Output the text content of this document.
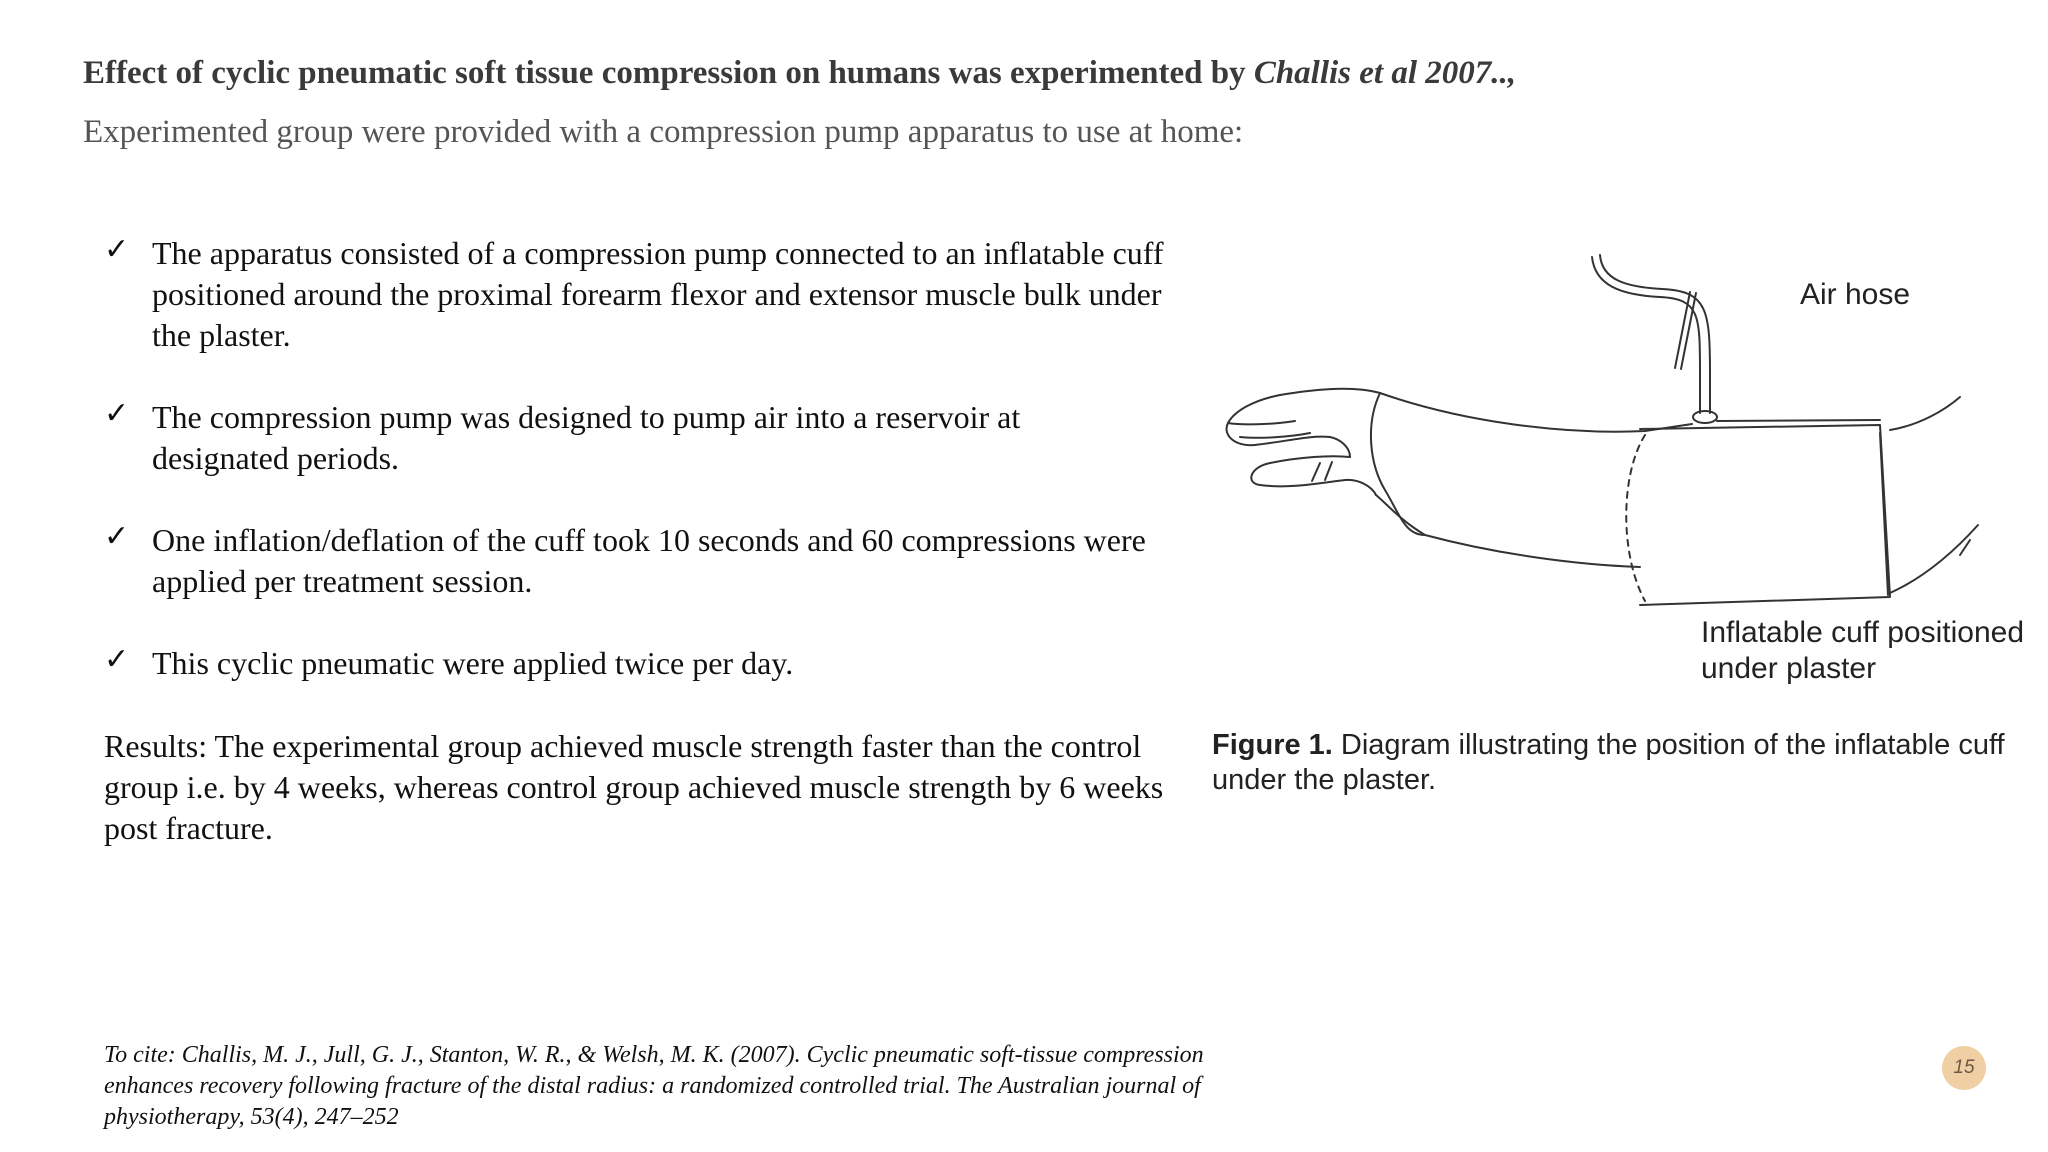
Effect of cyclic pneumatic soft tissue compression on humans was experimented by Challis et al 2007..,
Experimented group were provided with a compression pump apparatus to use at home:
✓ The apparatus consisted of a compression pump connected to an inflatable cuff positioned around the proximal forearm flexor and extensor muscle bulk under the plaster.
✓ The compression pump was designed to pump air into a reservoir at designated periods.
✓ One inflation/deflation of the cuff took 10 seconds and 60 compressions were applied per treatment session.
✓ This cyclic pneumatic were applied twice per day.
Results: The experimental group achieved muscle strength faster than the control group i.e. by 4 weeks, whereas control group achieved muscle strength by 6 weeks post fracture.
Air hose
Inflatable cuff positioned under plaster
Figure 1. Diagram illustrating the position of the inflatable cuff under the plaster.
To cite: Challis, M. J., Jull, G. J., Stanton, W. R., & Welsh, M. K. (2007). Cyclic pneumatic soft-tissue compression enhances recovery following fracture of the distal radius: a randomized controlled trial. The Australian journal of physiotherapy, 53(4), 247–252
15
